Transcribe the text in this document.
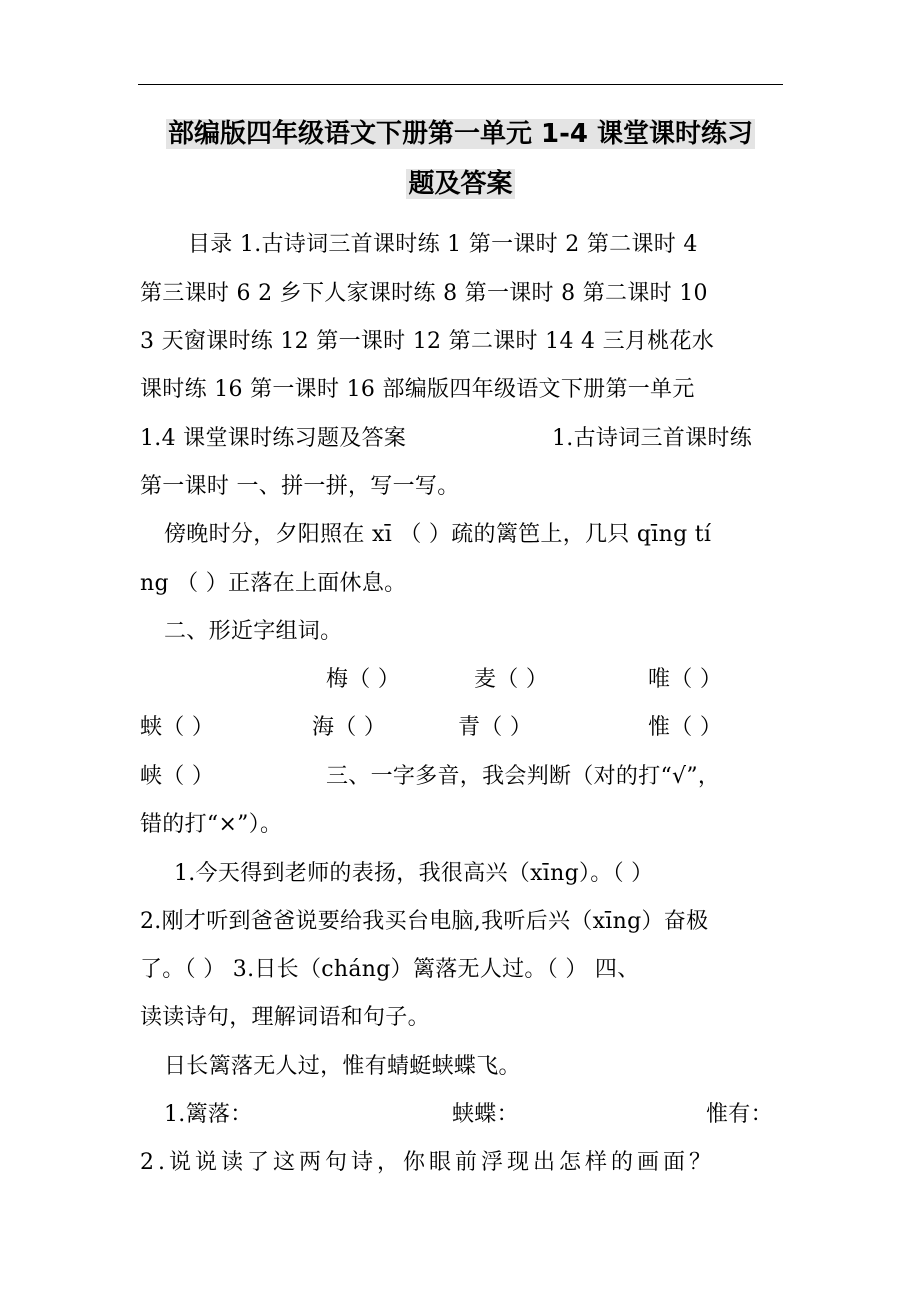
部编版四年级语文下册第一单元 1-4 课堂课时练习
题及答案
目录 1.古诗词三首课时练 1 第一课时 2 第二课时 4
第三课时 6 2 乡下人家课时练 8 第一课时 8 第二课时 10
3 天窗课时练 12 第一课时 12 第二课时 14 4 三月桃花水
课时练 16 第一课时 16 部编版四年级语文下册第一单元
1.4 课堂课时练习题及答案	1.古诗词三首课时练
第一课时 一、拼一拼，写一写。
傍晚时分，夕阳照在 xī （ ）疏的篱笆上，几只 qīng tí
ng （ ）正落在上面休息。
二、形近字组词。
梅（ ）	麦（ ）	唯（ ）
蛱（ ）	海（ ）	青（ ）	惟（ ）
峡（ ）	三、一字多音，我会判断（对的打“√”，
错的打“×”）。
1.今天得到老师的表扬，我很高兴（xīng）。（ ）
2.刚才听到爸爸说要给我买台电脑,我听后兴（xīng）奋极
了。（ ） 3.日长（cháng）篱落无人过。（ ） 四、
读读诗句，理解词语和句子。
日长篱落无人过，惟有蜻蜓蛱蝶飞。
1.篱落：	蛱蝶：	惟有：
2.说说读了这两句诗，你眼前浮现出怎样的画面？
